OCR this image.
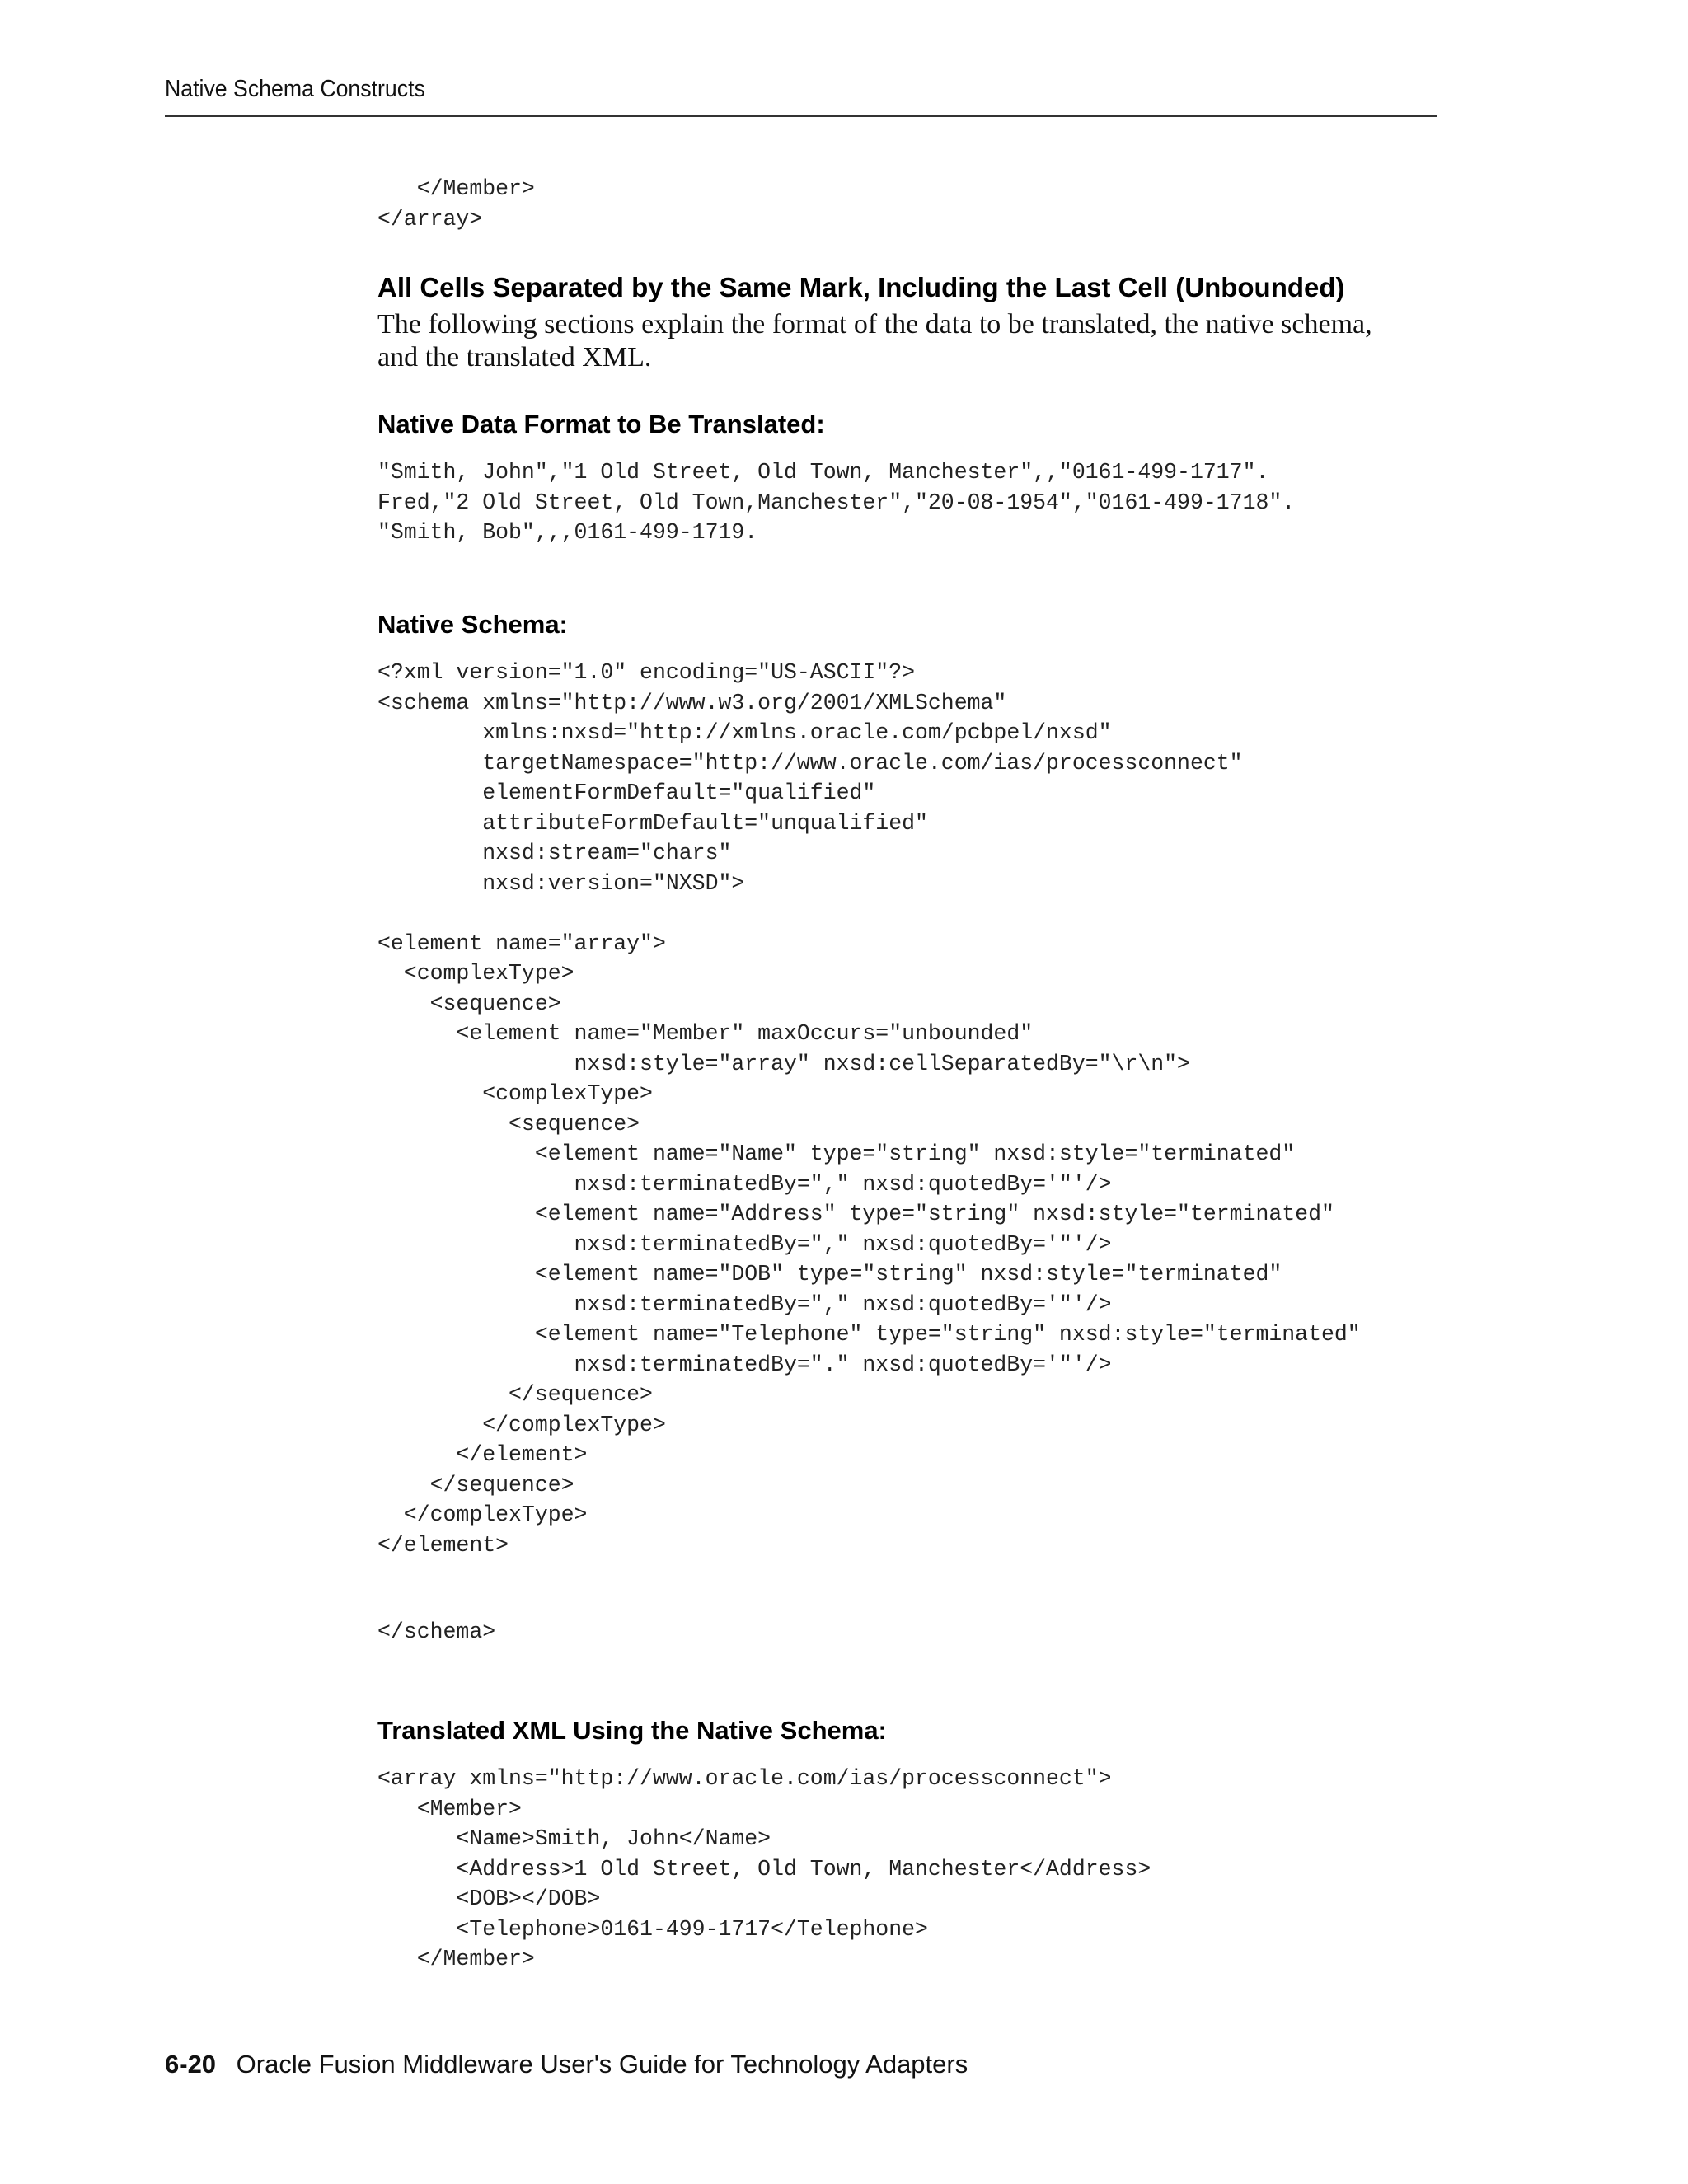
Native Schema Constructs
</Member>
</array>
All Cells Separated by the Same Mark, Including the Last Cell (Unbounded)

The following sections explain the format of the data to be translated, the native schema, and the translated XML.

Native Data Format to Be Translated:
"Smith, John","1 Old Street, Old Town, Manchester",,"0161-499-1717".
Fred,"2 Old Street, Old Town,Manchester","20-08-1954","0161-499-1718".
"Smith, Bob",,,0161-499-1719.
Native Schema:
<?xml version="1.0" encoding="US-ASCII"?>
<schema xmlns="http://www.w3.org/2001/XMLSchema"
xmlns:nxsd="http://xmlns.oracle.com/pcbpel/nxsd"
targetNamespace="http://www.oracle.com/ias/processconnect"
elementFormDefault="qualified"
attributeFormDefault="unqualified"
nxsd:stream="chars"
nxsd:version="NXSD">

<element name="array">
<complexType>
<sequence>
<element name="Member" maxOccurs="unbounded"
nxsd:style="array" nxsd:cellSeparatedBy="\r\n">
<complexType>
<sequence>
<element name="Name" type="string" nxsd:style="terminated"
nxsd:terminatedBy="," nxsd:quotedBy='"'/>
<element name="Address" type="string" nxsd:style="terminated"
nxsd:terminatedBy="," nxsd:quotedBy='"'/>
<element name="DOB" type="string" nxsd:style="terminated"
nxsd:terminatedBy="," nxsd:quotedBy='"'/>
<element name="Telephone" type="string" nxsd:style="terminated"
nxsd:terminatedBy="." nxsd:quotedBy='"'/>
</sequence>
</complexType>
</element>
</sequence>
</complexType>
</element>
</schema>
Translated XML Using the Native Schema:
<array xmlns="http://www.oracle.com/ias/processconnect">
<Member>
<Name>Smith, John</Name>
<Address>1 Old Street, Old Town, Manchester</Address>
<DOB></DOB>
<Telephone>0161-499-1717</Telephone>
</Member>
6-20 Oracle Fusion Middleware User's Guide for Technology Adapters
